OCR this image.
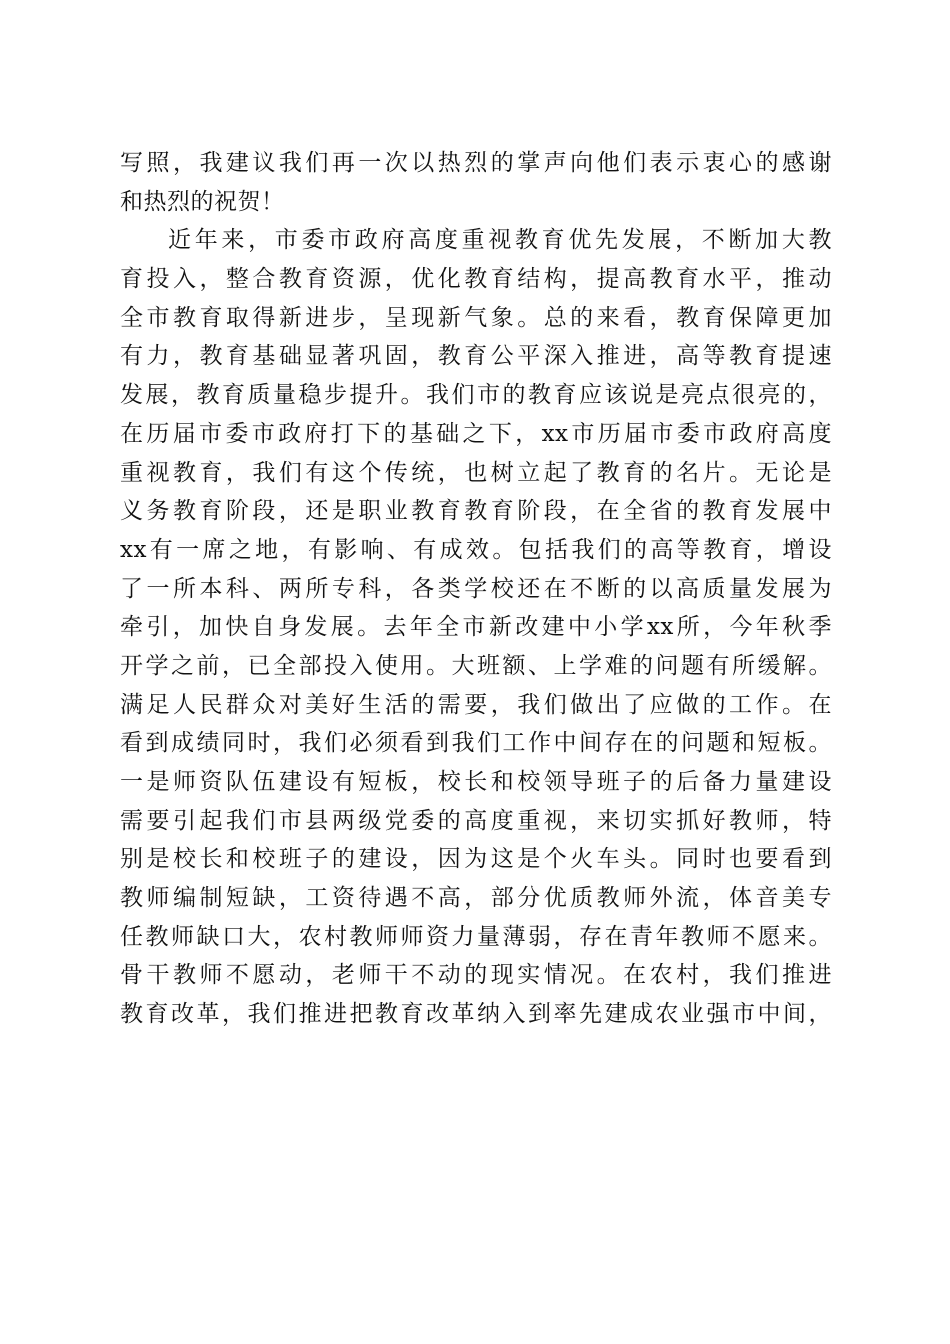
写照，我建议我们再一次以热烈的掌声向他们表示衷心的感谢
和热烈的祝贺！
近年来，市委市政府高度重视教育优先发展，不断加大教
育投入，整合教育资源，优化教育结构，提高教育水平，推动
全市教育取得新进步，呈现新气象。总的来看，教育保障更加
有力，教育基础显著巩固，教育公平深入推进，高等教育提速
发展，教育质量稳步提升。我们市的教育应该说是亮点很亮的，
在历届市委市政府打下的基础之下，xx市历届市委市政府高度
重视教育，我们有这个传统，也树立起了教育的名片。无论是
义务教育阶段，还是职业教育教育阶段，在全省的教育发展中
xx有一席之地，有影响、有成效。包括我们的高等教育，增设
了一所本科、两所专科，各类学校还在不断的以高质量发展为
牵引，加快自身发展。去年全市新改建中小学xx所，今年秋季
开学之前，已全部投入使用。大班额、上学难的问题有所缓解。
满足人民群众对美好生活的需要，我们做出了应做的工作。在
看到成绩同时，我们必须看到我们工作中间存在的问题和短板。
一是师资队伍建设有短板，校长和校领导班子的后备力量建设
需要引起我们市县两级党委的高度重视，来切实抓好教师，特
别是校长和校班子的建设，因为这是个火车头。同时也要看到
教师编制短缺，工资待遇不高，部分优质教师外流，体音美专
任教师缺口大，农村教师师资力量薄弱，存在青年教师不愿来。
骨干教师不愿动，老师干不动的现实情况。在农村，我们推进
教育改革，我们推进把教育改革纳入到率先建成农业强市中间，
